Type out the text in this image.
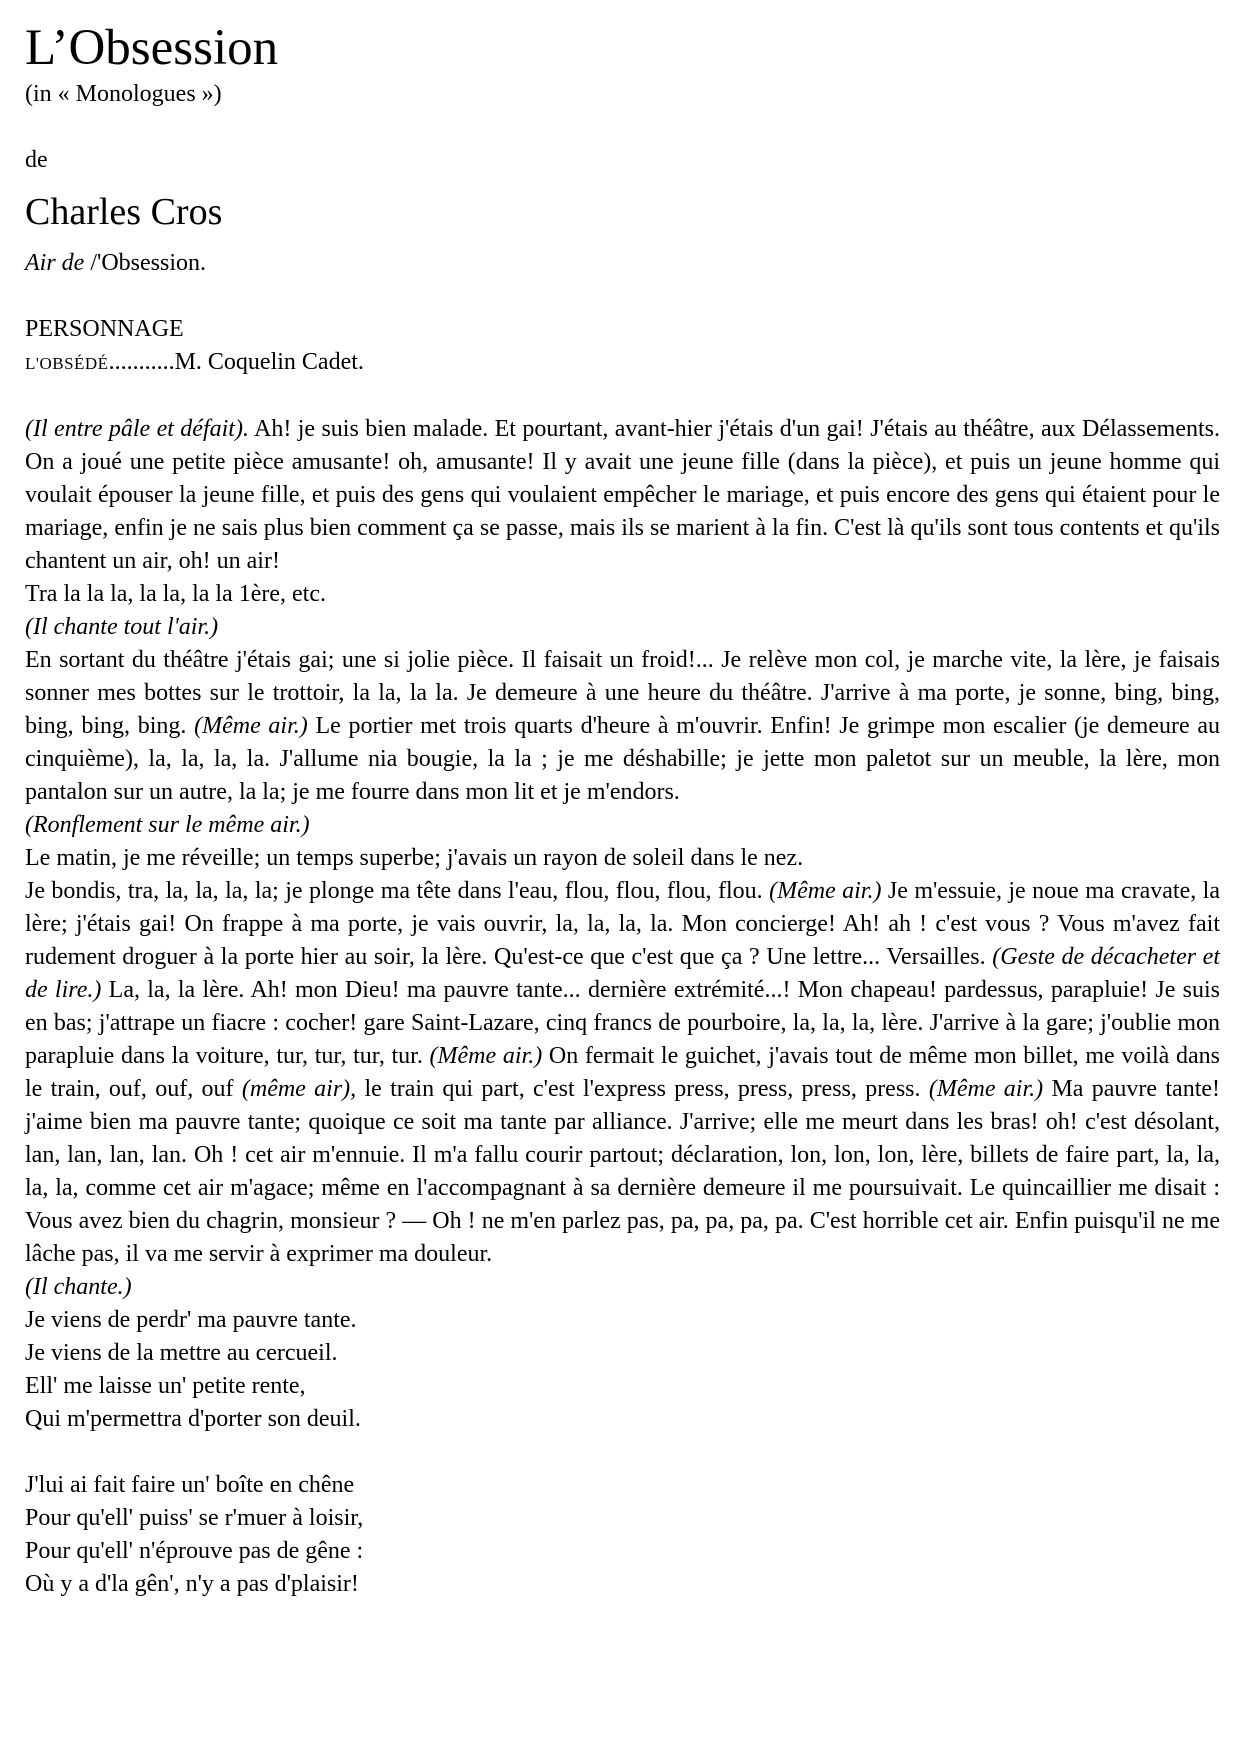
L’Obsession

(in « Monologues »)

de

Charles Cros

Air de /'Obsession.

PERSONNAGE

L'OBSÉDÉ...........M. Coquelin Cadet.

(Il entre pâle et défait). Ah! je suis bien malade. Et pourtant, avant-hier j'étais d'un gai! J'étais au théâtre, aux Délassements. On a joué une petite pièce amusante! oh, amusante! Il y avait une jeune fille (dans la pièce), et puis un jeune homme qui voulait épouser la jeune fille, et puis des gens qui voulaient empêcher le mariage, et puis encore des gens qui étaient pour le mariage, enfin je ne sais plus bien comment ça se passe, mais ils se marient à la fin. C'est là qu'ils sont tous contents et qu'ils chantent un air, oh! un air!

Tra la la la, la la, la la 1ère, etc.

(Il chante tout l'air.)

En sortant du théâtre j'étais gai; une si jolie pièce. Il faisait un froid!... Je relève mon col, je marche vite, la lère, je faisais sonner mes bottes sur le trottoir, la la, la la. Je demeure à une heure du théâtre. J'arrive à ma porte, je sonne, bing, bing, bing, bing, bing. (Même air.) Le portier met trois quarts d'heure à m'ouvrir. Enfin! Je grimpe mon escalier (je demeure au cinquième), la, la, la, la. J'allume nia bougie, la la ; je me déshabille; je jette mon paletot sur un meuble, la lère, mon pantalon sur un autre, la la; je me fourre dans mon lit et je m'endors.

(Ronflement sur le même air.)

Le matin, je me réveille; un temps superbe; j'avais un rayon de soleil dans le nez.

Je bondis, tra, la, la, la, la; je plonge ma tête dans l'eau, flou, flou, flou, flou. (Même air.) Je m'essuie, je noue ma cravate, la lère; j'étais gai! On frappe à ma porte, je vais ouvrir, la, la, la, la. Mon concierge! Ah! ah ! c'est vous ? Vous m'avez fait rudement droguer à la porte hier au soir, la lère. Qu'est-ce que c'est que ça ? Une lettre... Versailles. (Geste de décacheter et de lire.) La, la, la lère. Ah! mon Dieu! ma pauvre tante... dernière extrémité...! Mon chapeau! pardessus, parapluie! Je suis en bas; j'attrape un fiacre : cocher! gare Saint-Lazare, cinq francs de pourboire, la, la, la, lère. J'arrive à la gare; j'oublie mon parapluie dans la voiture, tur, tur, tur, tur. (Même air.) On fermait le guichet, j'avais tout de même mon billet, me voilà dans le train, ouf, ouf, ouf (même air), le train qui part, c'est l'express press, press, press, press. (Même air.) Ma pauvre tante! j'aime bien ma pauvre tante; quoique ce soit ma tante par alliance. J'arrive; elle me meurt dans les bras! oh! c'est désolant, lan, lan, lan, lan. Oh ! cet air m'ennuie. Il m'a fallu courir partout; déclaration, lon, lon, lon, lère, billets de faire part, la, la, la, la, comme cet air m'agace; même en l'accompagnant à sa dernière demeure il me poursuivait. Le quincaillier me disait : Vous avez bien du chagrin, monsieur ? — Oh ! ne m'en parlez pas, pa, pa, pa, pa. C'est horrible cet air. Enfin puisqu'il ne me lâche pas, il va me servir à exprimer ma douleur.

(Il chante.)

Je viens de perdr' ma pauvre tante.

Je viens de la mettre au cercueil.

Ell' me laisse un' petite rente,

Qui m'permettra d'porter son deuil.

J'lui ai fait faire un' boîte en chêne

Pour qu'ell' puiss' se r'muer à loisir,

Pour qu'ell' n'éprouve pas de gêne :

Où y a d'la gên', n'y a pas d'plaisir!
